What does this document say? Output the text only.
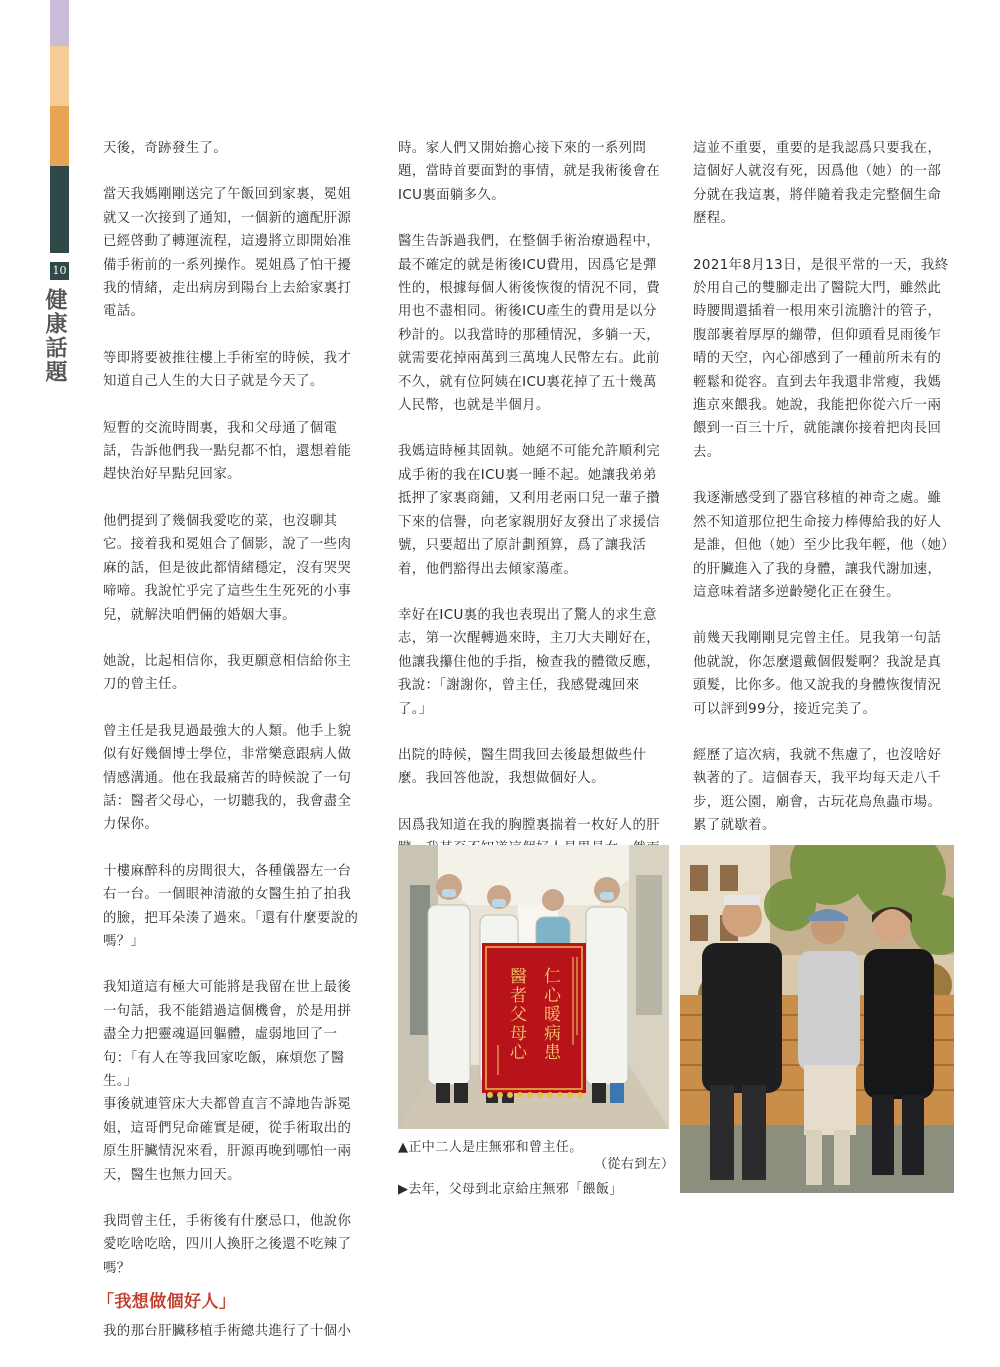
10
健康話題

天後，奇跡發生了。

當天我媽剛剛送完了午飯回到家裏，冕姐就又一次接到了通知，一個新的適配肝源已經啓動了轉運流程，這邊將立即開始准備手術前的一系列操作。冕姐爲了怕干擾我的情緒，走出病房到陽台上去給家裏打電話。

等即將要被推往樓上手術室的時候，我才知道自己人生的大日子就是今天了。

短暫的交流時間裏，我和父母通了個電話，告訴他們我一點兒都不怕，還想着能趕快治好早點兒回家。

他們提到了幾個我愛吃的菜，也沒聊其它。接着我和冕姐合了個影，說了一些肉麻的話，但是彼此都情緒穩定，沒有哭哭啼啼。我說忙乎完了這些生生死死的小事兒，就解決咱們倆的婚姻大事。

她說，比起相信你，我更願意相信給你主刀的曾主任。

曾主任是我見過最強大的人類。他手上貌似有好幾個博士學位，非常樂意跟病人做情感溝通。他在我最痛苦的時候說了一句話：醫者父母心，一切聽我的，我會盡全力保你。

十樓麻醉科的房間很大，各種儀器左一台右一台。一個眼神清澈的女醫生拍了拍我的臉，把耳朵湊了過來。「還有什麼要說的嗎？」

我知道這有極大可能將是我留在世上最後一句話，我不能錯過這個機會，於是用拼盡全力把靈魂逼回軀體，虛弱地回了一句：「有人在等我回家吃飯，麻煩您了醫生。」

事後就連管床大夫都曾直言不諱地告訴冕姐，這哥們兒命確實是硬，從手術取出的原生肝臟情況來看，肝源再晚到哪怕一兩天，醫生也無力回天。

我問曾主任，手術後有什麼忌口，他說你愛吃啥吃啥，四川人換肝之後還不吃辣了嗎？

「我想做個好人」

我的那台肝臟移植手術總共進行了十個小

時。家人們又開始擔心接下來的一系列問題，當時首要面對的事情，就是我術後會在ICU裏面躺多久。

醫生告訴過我們，在整個手術治療過程中，最不確定的就是術後ICU費用，因爲它是彈性的，根據每個人術後恢復的情況不同，費用也不盡相同。術後ICU產生的費用是以分秒計的。以我當時的那種情況，多躺一天，就需要花掉兩萬到三萬塊人民幣左右。此前不久，就有位阿姨在ICU裏花掉了五十幾萬人民幣，也就是半個月。

我媽這時極其固執。她絕不可能允許順利完成手術的我在ICU裏一睡不起。她讓我弟弟抵押了家裏商鋪，又利用老兩口兒一輩子攢下來的信譽，向老家親朋好友發出了求援信號，只要超出了原計劃預算，爲了讓我活着，他們豁得出去傾家蕩產。

幸好在ICU裏的我也表現出了驚人的求生意志，第一次醒轉過來時，主刀大夫剛好在，他讓我攥住他的手指，檢查我的體徵反應，我說：「謝謝你，曾主任，我感覺魂回來了。」

出院的時候，醫生問我回去後最想做些什麼。我回答他說，我想做個好人。

因爲我知道在我的胸膛裏揣着一枚好人的肝

這並不重要，重要的是我認爲只要我在，這個好人就沒有死，因爲他（她）的一部分就在我這裏，將伴隨着我走完整個生命歷程。

2021年8月13日，是很平常的一天，我終於用自己的雙腳走出了醫院大門，雖然此時腰間還插着一根用來引流膽汁的管子，腹部裹着厚厚的繃帶，但仰頭看見雨後乍晴的天空，內心卻感到了一種前所未有的輕鬆和從容。直到去年我還非常瘦，我媽進京來餵我。她說，我能把你從六斤一兩餵到一百三十斤，就能讓你接着把肉長回去。

我逐漸感受到了器官移植的神奇之處。雖然不知道那位把生命接力棒傳給我的好人是誰，但他（她）至少比我年輕，他（她）的肝臟進入了我的身體，讓我代謝加速，這意味着諸多逆齡變化正在發生。

前幾天我剛剛見完曾主任。見我第一句話他就說，你怎麼還戴個假髮啊？我說是真頭髮，比你多。他又說我的身體恢復情況可以評到99分，接近完美了。

經歷了這次病，我就不焦慮了，也沒啥好執著的了。這個春天，我平均每天走八千步，逛公園，廟會，古玩花鳥魚蟲市場。累了就歇着。

仁心暖病患
醫者父母心
▲正中二人是庄無邪和曾主任。
（從右到左）
▶去年，父母到北京給庄無邪「餵飯」
